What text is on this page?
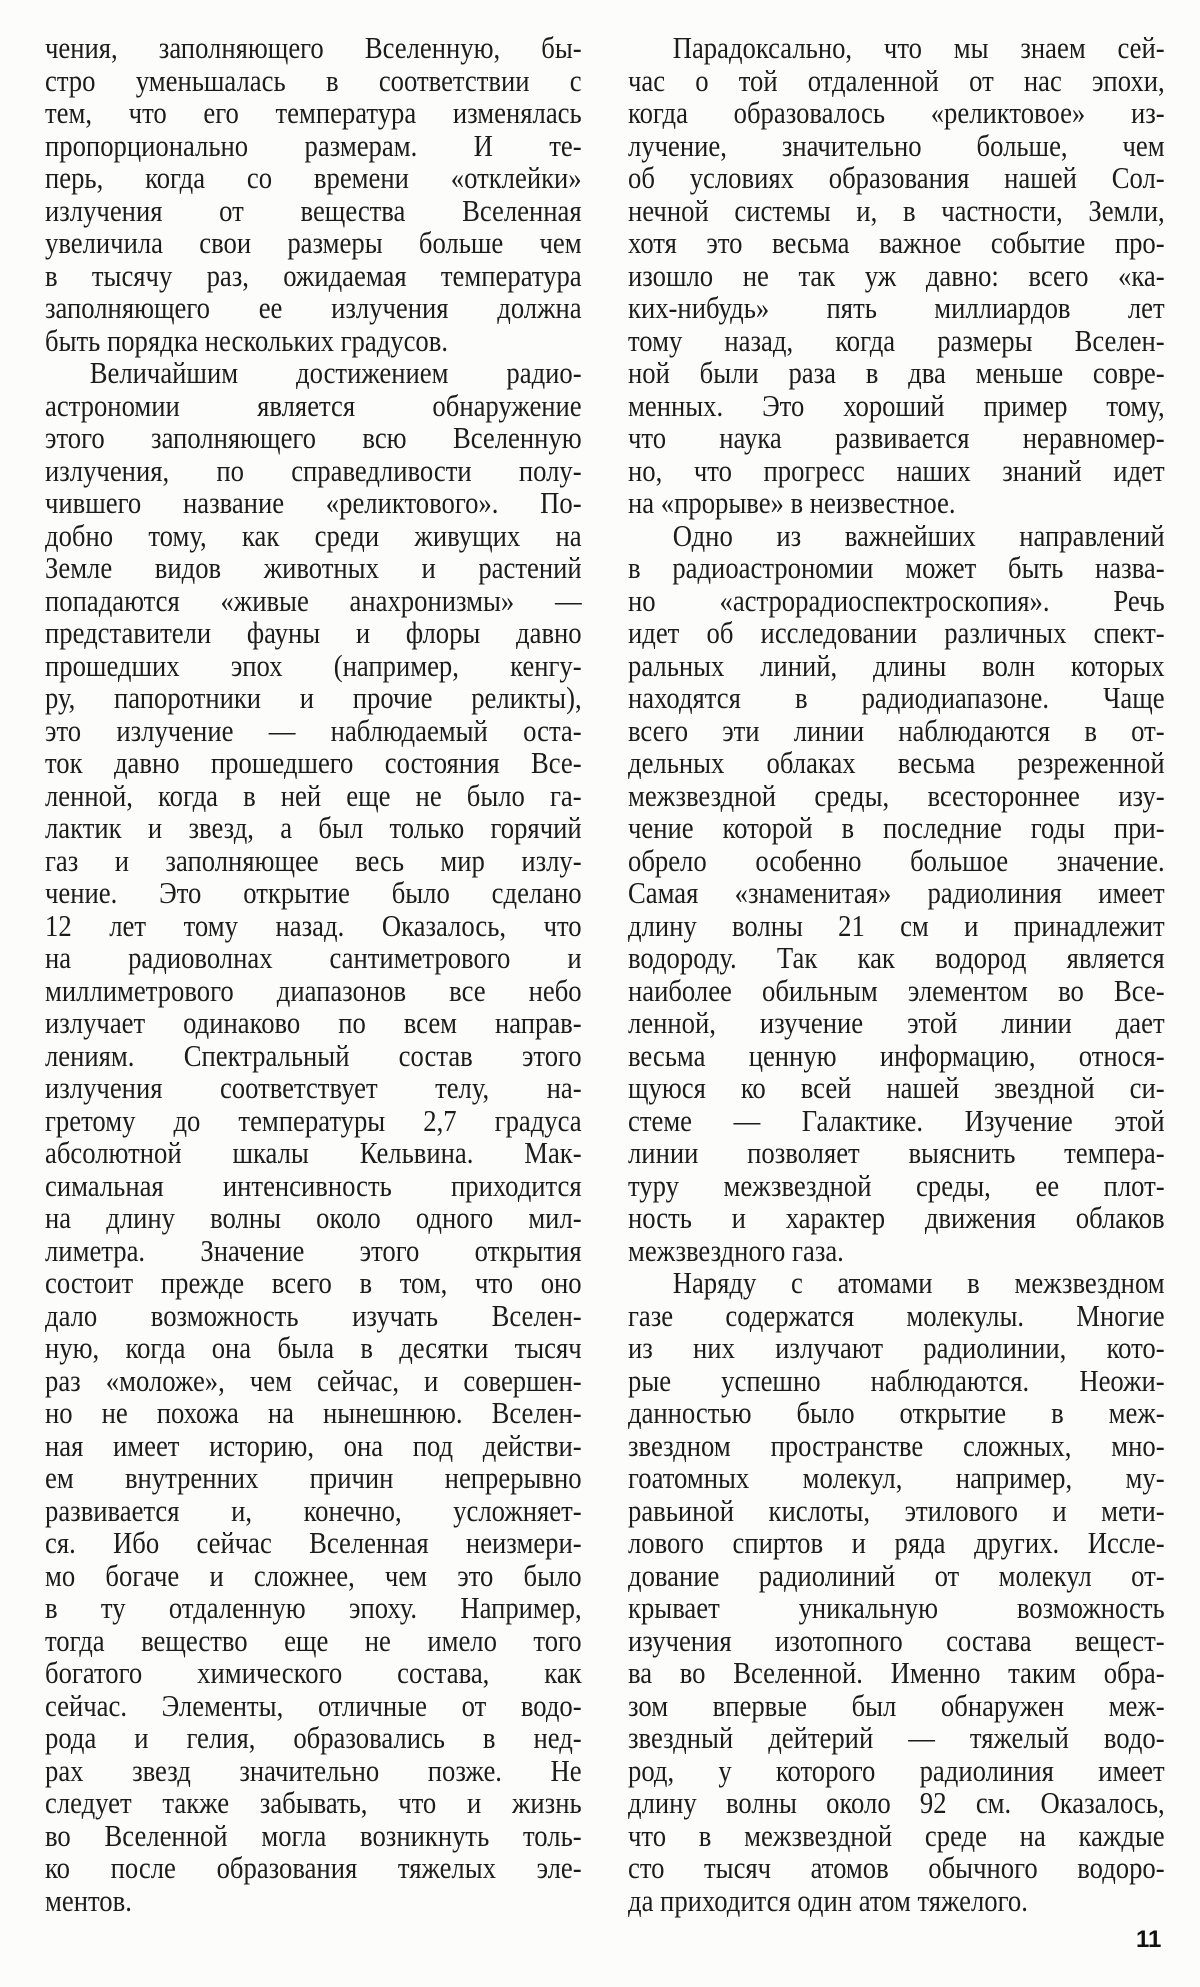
чения, заполняющего Вселенную, бы-
стро уменьшалась в соответствии с
тем, что его температура изменялась
пропорционально размерам. И те-
перь, когда со времени «отклейки»
излучения от вещества Вселенная
увеличила свои размеры больше чем
в тысячу раз, ожидаемая температура
заполняющего ее излучения должна
быть порядка нескольких градусов.
Величайшим достижением радио-
астрономии является обнаружение
этого заполняющего всю Вселенную
излучения, по справедливости полу-
чившего название «реликтового». По-
добно тому, как среди живущих на
Земле видов животных и растений
попадаются «живые анахронизмы» —
представители фауны и флоры давно
прошедших эпох (например, кенгу-
ру, папоротники и прочие реликты),
это излучение — наблюдаемый оста-
ток давно прошедшего состояния Все-
ленной, когда в ней еще не было га-
лактик и звезд, а был только горячий
газ и заполняющее весь мир излу-
чение. Это открытие было сделано
12 лет тому назад. Оказалось, что
на радиоволнах сантиметрового и
миллиметрового диапазонов все небо
излучает одинаково по всем направ-
лениям. Спектральный состав этого
излучения соответствует телу, на-
гретому до температуры 2,7 градуса
абсолютной шкалы Кельвина. Мак-
симальная интенсивность приходится
на длину волны около одного мил-
лиметра. Значение этого открытия
состоит прежде всего в том, что оно
дало возможность изучать Вселен-
ную, когда она была в десятки тысяч
раз «моложе», чем сейчас, и совершен-
но не похожа на нынешнюю. Вселен-
ная имеет историю, она под действи-
ем внутренних причин непрерывно
развивается и, конечно, усложняет-
ся. Ибо сейчас Вселенная неизмери-
мо богаче и сложнее, чем это было
в ту отдаленную эпоху. Например,
тогда вещество еще не имело того
богатого химического состава, как
сейчас. Элементы, отличные от водо-
рода и гелия, образовались в нед-
рах звезд значительно позже. Не
следует также забывать, что и жизнь
во Вселенной могла возникнуть толь-
ко после образования тяжелых эле-
ментов.
Парадоксально, что мы знаем сей-
час о той отдаленной от нас эпохи,
когда образовалось «реликтовое» из-
лучение, значительно больше, чем
об условиях образования нашей Сол-
нечной системы и, в частности, Земли,
хотя это весьма важное событие про-
изошло не так уж давно: всего «ка-
ких-нибудь» пять миллиардов лет
тому назад, когда размеры Вселен-
ной были раза в два меньше совре-
менных. Это хороший пример тому,
что наука развивается неравномер-
но, что прогресс наших знаний идет
на «прорыве» в неизвестное.
Одно из важнейших направлений
в радиоастрономии может быть назва-
но «астрорадиоспектроскопия». Речь
идет об исследовании различных спект-
ральных линий, длины волн которых
находятся в радиодиапазоне. Чаще
всего эти линии наблюдаются в от-
дельных облаках весьма резреженной
межзвездной среды, всестороннее изу-
чение которой в последние годы при-
обрело особенно большое значение.
Самая «знаменитая» радиолиния имеет
длину волны 21 см и принадлежит
водороду. Так как водород является
наиболее обильным элементом во Все-
ленной, изучение этой линии дает
весьма ценную информацию, относя-
щуюся ко всей нашей звездной си-
стеме — Галактике. Изучение этой
линии позволяет выяснить темпера-
туру межзвездной среды, ее плот-
ность и характер движения облаков
межзвездного газа.
Наряду с атомами в межзвездном
газе содержатся молекулы. Многие
из них излучают радиолинии, кото-
рые успешно наблюдаются. Неожи-
данностью было открытие в меж-
звездном пространстве сложных, мно-
гоатомных молекул, например, му-
равьиной кислоты, этилового и мети-
лового спиртов и ряда других. Иссле-
дование радиолиний от молекул от-
крывает уникальную возможность
изучения изотопного состава вещест-
ва во Вселенной. Именно таким обра-
зом впервые был обнаружен меж-
звездный дейтерий — тяжелый водо-
род, у которого радиолиния имеет
длину волны около 92 см. Оказалось,
что в межзвездной среде на каждые
сто тысяч атомов обычного водоро-
да приходится один атом тяжелого.
11
